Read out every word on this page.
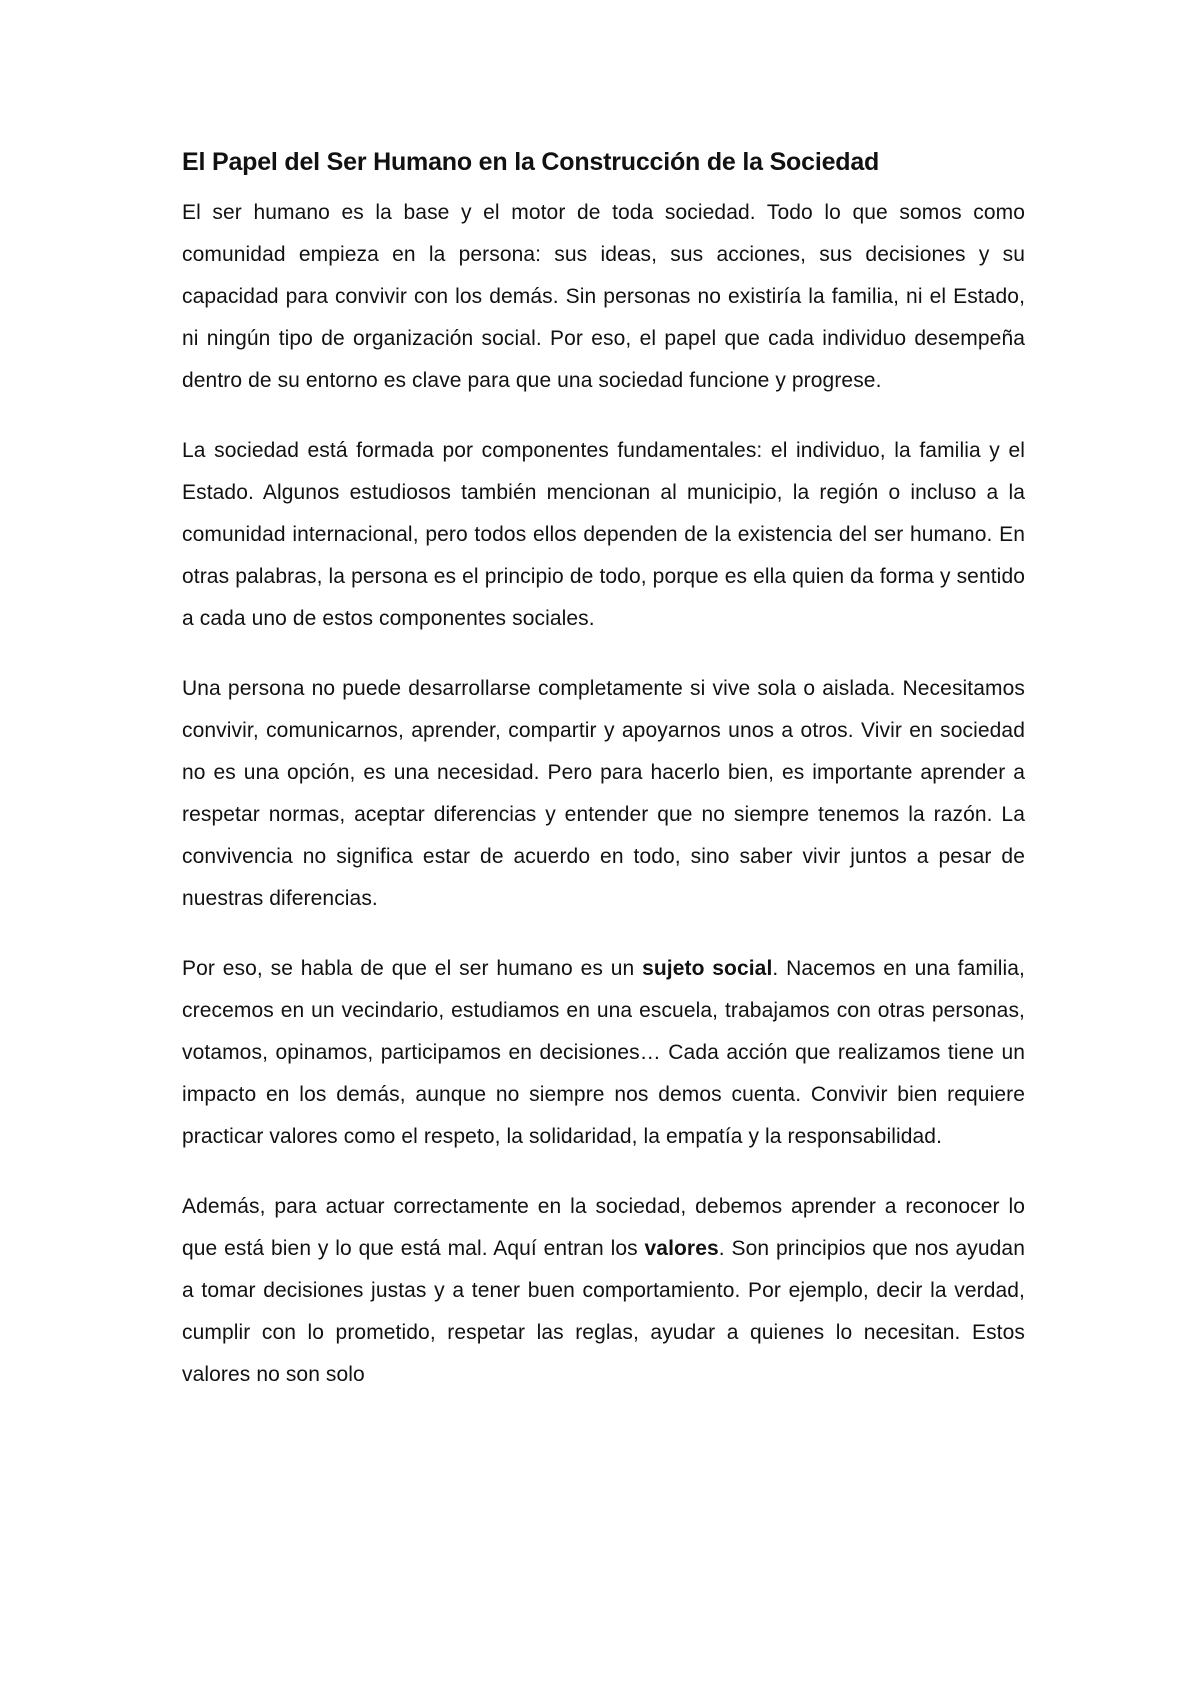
El Papel del Ser Humano en la Construcción de la Sociedad

El ser humano es la base y el motor de toda sociedad. Todo lo que somos como comunidad empieza en la persona: sus ideas, sus acciones, sus decisiones y su capacidad para convivir con los demás. Sin personas no existiría la familia, ni el Estado, ni ningún tipo de organización social. Por eso, el papel que cada individuo desempeña dentro de su entorno es clave para que una sociedad funcione y progrese.

La sociedad está formada por componentes fundamentales: el individuo, la familia y el Estado. Algunos estudiosos también mencionan al municipio, la región o incluso a la comunidad internacional, pero todos ellos dependen de la existencia del ser humano. En otras palabras, la persona es el principio de todo, porque es ella quien da forma y sentido a cada uno de estos componentes sociales.

Una persona no puede desarrollarse completamente si vive sola o aislada. Necesitamos convivir, comunicarnos, aprender, compartir y apoyarnos unos a otros. Vivir en sociedad no es una opción, es una necesidad. Pero para hacerlo bien, es importante aprender a respetar normas, aceptar diferencias y entender que no siempre tenemos la razón. La convivencia no significa estar de acuerdo en todo, sino saber vivir juntos a pesar de nuestras diferencias.

Por eso, se habla de que el ser humano es un sujeto social. Nacemos en una familia, crecemos en un vecindario, estudiamos en una escuela, trabajamos con otras personas, votamos, opinamos, participamos en decisiones… Cada acción que realizamos tiene un impacto en los demás, aunque no siempre nos demos cuenta. Convivir bien requiere practicar valores como el respeto, la solidaridad, la empatía y la responsabilidad.

Además, para actuar correctamente en la sociedad, debemos aprender a reconocer lo que está bien y lo que está mal. Aquí entran los valores. Son principios que nos ayudan a tomar decisiones justas y a tener buen comportamiento. Por ejemplo, decir la verdad, cumplir con lo prometido, respetar las reglas, ayudar a quienes lo necesitan. Estos valores no son solo
